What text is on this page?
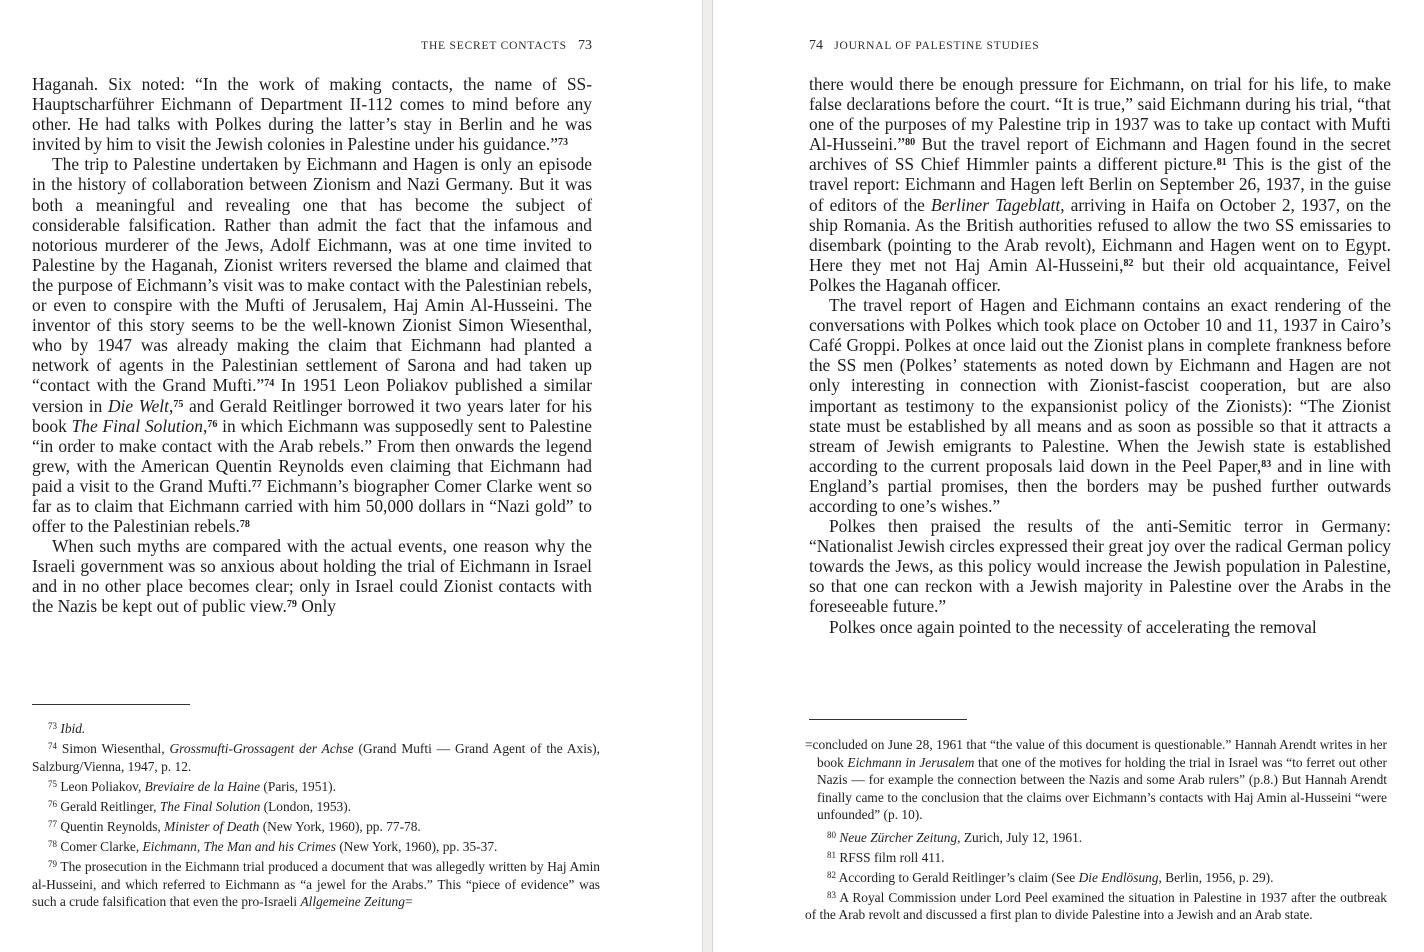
THE SECRET CONTACTS 73

Haganah. Six noted: “In the work of making contacts, the name of SS-Hauptscharführer Eichmann of Department II-112 comes to mind before any other. He had talks with Polkes during the latter’s stay in Berlin and he was invited by him to visit the Jewish colonies in Palestine under his guidance.”$^{73}$

The trip to Palestine undertaken by Eichmann and Hagen is only an episode in the history of collaboration between Zionism and Nazi Germany. But it was both a meaningful and revealing one that has become the subject of considerable falsification. Rather than admit the fact that the infamous and notorious murderer of the Jews, Adolf Eichmann, was at one time invited to Palestine by the Haganah, Zionist writers reversed the blame and claimed that the purpose of Eichmann’s visit was to make contact with the Palestinian rebels, or even to conspire with the Mufti of Jerusalem, Haj Amin Al-Husseini. The inventor of this story seems to be the well-known Zionist Simon Wiesenthal, who by 1947 was already making the claim that Eichmann had planted a network of agents in the Palestinian settlement of Sarona and had taken up “contact with the Grand Mufti.”$^{74}$ In 1951 Leon Poliakov published a similar version in Die Welt,$^{75}$ and Gerald Reitlinger borrowed it two years later for his book The Final Solution,$^{76}$ in which Eichmann was supposedly sent to Palestine “in order to make contact with the Arab rebels.” From then onwards the legend grew, with the American Quentin Reynolds even claiming that Eichmann had paid a visit to the Grand Mufti.$^{77}$ Eichmann’s biographer Comer Clarke went so far as to claim that Eichmann carried with him 50,000 dollars in “Nazi gold” to offer to the Palestinian rebels.$^{78}$

When such myths are compared with the actual events, one reason why the Israeli government was so anxious about holding the trial of Eichmann in Israel and in no other place becomes clear; only in Israel could Zionist contacts with the Nazis be kept out of public view.$^{79}$ Only

$^{73}$ Ibid.

$^{74}$ Simon Wiesenthal, Grossmufti-Grossagent der Achse (Grand Mufti — Grand Agent of the Axis), Salzburg/Vienna, 1947, p. 12.

$^{75}$ Leon Poliakov, Breviaire de la Haine (Paris, 1951).

$^{76}$ Gerald Reitlinger, The Final Solution (London, 1953).

$^{77}$ Quentin Reynolds, Minister of Death (New York, 1960), pp. 77-78.

$^{78}$ Comer Clarke, Eichmann, The Man and his Crimes (New York, 1960), pp. 35-37.

$^{79}$ The prosecution in the Eichmann trial produced a document that was allegedly written by Haj Amin al-Husseini, and which referred to Eichmann as “a jewel for the Arabs.” This “piece of evidence” was such a crude falsification that even the pro-Israeli Allgemeine Zeitung=

74 JOURNAL OF PALESTINE STUDIES

there would there be enough pressure for Eichmann, on trial for his life, to make false declarations before the court. “It is true,” said Eichmann during his trial, “that one of the purposes of my Palestine trip in 1937 was to take up contact with Mufti Al-Husseini.”$^{80}$ But the travel report of Eichmann and Hagen found in the secret archives of SS Chief Himmler paints a different picture.$^{81}$ This is the gist of the travel report: Eichmann and Hagen left Berlin on September 26, 1937, in the guise of editors of the Berliner Tageblatt, arriving in Haifa on October 2, 1937, on the ship Romania. As the British authorities refused to allow the two SS emissaries to disembark (pointing to the Arab revolt), Eichmann and Hagen went on to Egypt. Here they met not Haj Amin Al-Husseini,$^{82}$ but their old acquaintance, Feivel Polkes the Haganah officer.

The travel report of Hagen and Eichmann contains an exact rendering of the conversations with Polkes which took place on October 10 and 11, 1937 in Cairo’s Café Groppi. Polkes at once laid out the Zionist plans in complete frankness before the SS men (Polkes’ statements as noted down by Eichmann and Hagen are not only interesting in connection with Zionist-fascist cooperation, but are also important as testimony to the expansionist policy of the Zionists): “The Zionist state must be established by all means and as soon as possible so that it attracts a stream of Jewish emigrants to Palestine. When the Jewish state is established according to the current proposals laid down in the Peel Paper,$^{83}$ and in line with England’s partial promises, then the borders may be pushed further outwards according to one’s wishes.”

Polkes then praised the results of the anti-Semitic terror in Germany: “Nationalist Jewish circles expressed their great joy over the radical German policy towards the Jews, as this policy would increase the Jewish population in Palestine, so that one can reckon with a Jewish majority in Palestine over the Arabs in the foreseeable future.”

Polkes once again pointed to the necessity of accelerating the removal

=concluded on June 28, 1961 that “the value of this document is questionable.” Hannah Arendt writes in her book Eichmann in Jerusalem that one of the motives for holding the trial in Israel was “to ferret out other Nazis — for example the connection between the Nazis and some Arab rulers” (p.8.) But Hannah Arendt finally came to the conclusion that the claims over Eichmann’s contacts with Haj Amin al-Husseini “were unfounded” (p. 10).

$^{80}$ Neue Zürcher Zeitung, Zurich, July 12, 1961.

$^{81}$ RFSS film roll 411.

$^{82}$ According to Gerald Reitlinger’s claim (See Die Endlösung, Berlin, 1956, p. 29).

$^{83}$ A Royal Commission under Lord Peel examined the situation in Palestine in 1937 after the outbreak of the Arab revolt and discussed a first plan to divide Palestine into a Jewish and an Arab state.
